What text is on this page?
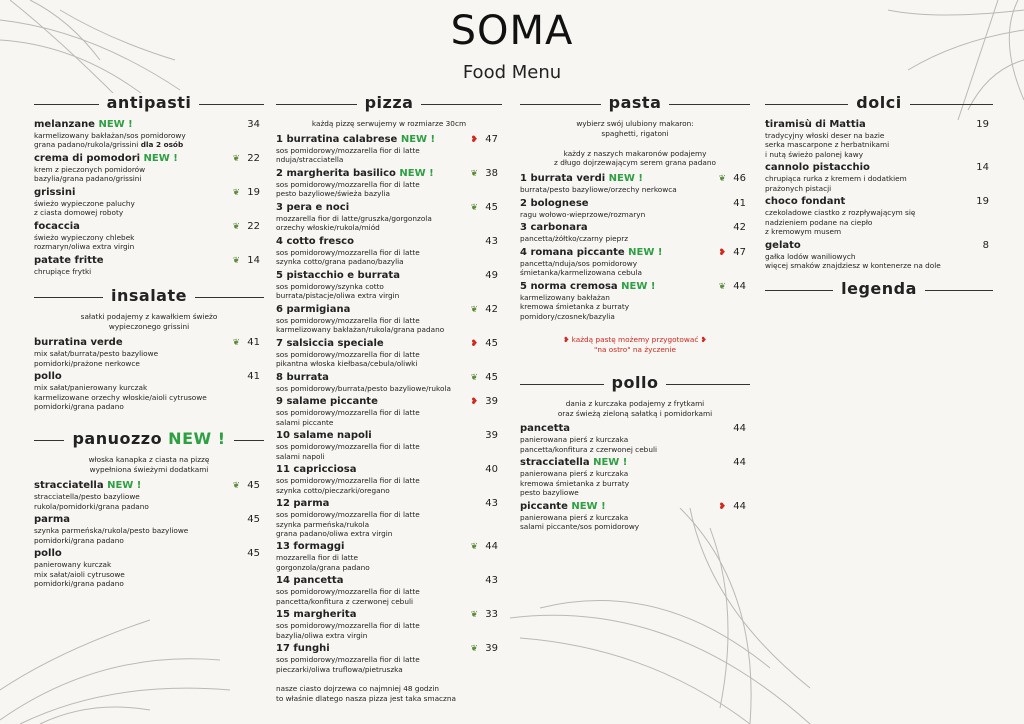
SOMA
Food Menu
antipasti
melanzane NEW !	34
karmelizowany bakłażan/sos pomidorowy
grana padano/rukola/grissini dla 2 osób
crema di pomodori NEW !	22
❦
krem z pieczonych pomidorów
bazylia/grana padano/grissini
grissini	19
❦
świeżo wypieczone paluchy
z ciasta domowej roboty
focaccia	22
❦
świeżo wypieczony chlebek
rozmaryn/oliwa extra virgin
patate fritte	14
❦
chrupiące frytki
insalate
sałatki podajemy z kawałkiem świeżo
wypieczonego grissini
burratina verde	41
❦
mix sałat/burrata/pesto bazyliowe
pomidorki/prażone nerkowce
pollo	41
mix sałat/panierowany kurczak
karmelizowane orzechy włoskie/aioli cytrusowe
pomidorki/grana padano
panuozzo NEW !
włoska kanapka z ciasta na pizzę
wypełniona świeżymi dodatkami
stracciatella NEW !	45
❦
stracciatella/pesto bazyliowe
rukola/pomidorki/grana padano
parma	45
szynka parmeńska/rukola/pesto bazyliowe
pomidorki/grana padano
pollo	45
panierowany kurczak
mix sałat/aioli cytrusowe
pomidorki/grana padano
pizza
każdą pizzę serwujemy w rozmiarze 30cm
1 burratina calabrese NEW !	47
❥
sos pomidorowy/mozzarella fior di latte
nduja/stracciatella
2 margherita basilico NEW !	38
❦
sos pomidorowy/mozzarella fior di latte
pesto bazyliowe/świeża bazylia
3 pera e noci	45
❦
mozzarella fior di latte/gruszka/gorgonzola
orzechy włoskie/rukola/miód
4 cotto fresco	43
sos pomidorowy/mozzarella fior di latte
szynka cotto/grana padano/bazylia
5 pistacchio e burrata	49
sos pomidorowy/szynka cotto
burrata/pistacje/oliwa extra virgin
6 parmigiana	42
❦
sos pomidorowy/mozzarella fior di latte
karmelizowany bakłażan/rukola/grana padano
7 salsiccia speciale	45
❥
sos pomidorowy/mozzarella fior di latte
pikantna włoska kiełbasa/cebula/oliwki
8 burrata	45
❦
sos pomidorowy/burrata/pesto bazyliowe/rukola
9 salame piccante	39
❥
sos pomidorowy/mozzarella fior di latte
salami piccante
10 salame napoli	39
sos pomidorowy/mozzarella fior di latte
salami napoli
11 capricciosa	40
sos pomidorowy/mozzarella fior di latte
szynka cotto/pieczarki/oregano
12 parma	43
sos pomidorowy/mozzarella fior di latte
szynka parmeńska/rukola
grana padano/oliwa extra virgin
13 formaggi	44
❦
mozzarella fior di latte
gorgonzola/grana padano
14 pancetta	43
sos pomidorowy/mozzarella fior di latte
pancetta/konfitura z czerwonej cebuli
15 margherita	33
❦
sos pomidorowy/mozzarella fior di latte
bazylia/oliwa extra virgin
17 funghi	39
❦
sos pomidorowy/mozzarella fior di latte
pieczarki/oliwa truflowa/pietruszka
nasze ciasto dojrzewa co najmniej 48 godzin
to właśnie dlatego nasza pizza jest taka smaczna
pasta
wybierz swój ulubiony makaron:
spaghetti, rigatoni

każdy z naszych makaronów podajemy
z długo dojrzewającym serem grana padano
1 burrata verdi NEW !	46
❦
burrata/pesto bazyliowe/orzechy nerkowca
2 bolognese	41
ragu wołowo-wieprzowe/rozmaryn
3 carbonara	42
pancetta/żółtko/czarny pieprz
4 romana piccante NEW !	47
❥
pancetta/nduja/sos pomidorowy
śmietanka/karmelizowana cebula
5 norma cremosa NEW !	44
❦
karmelizowany bakłażan
kremowa śmietanka z burraty
pomidory/czosnek/bazylia
❥ każdą pastę możemy przygotować ❥
"na ostro" na życzenie
pollo
dania z kurczaka podajemy z frytkami
oraz świeżą zieloną sałatką i pomidorkami
pancetta	44
panierowana pierś z kurczaka
pancetta/konfitura z czerwonej cebuli
stracciatella NEW !	44
panierowana pierś z kurczaka
kremowa śmietanka z burraty
pesto bazyliowe
piccante NEW !	44
❥
panierowana pierś z kurczaka
salami piccante/sos pomidorowy
dolci
tiramisù di Mattia	19
tradycyjny włoski deser na bazie
serka mascarpone z herbatnikami
i nutą świeżo palonej kawy
cannolo pistacchio	14
chrupiąca rurka z kremem i dodatkiem
prażonych pistacji
choco fondant	19
czekoladowe ciastko z rozpływającym się
nadzieniem podane na ciepło
z kremowym musem
gelato	8
gałka lodów waniliowych
więcej smaków znajdziesz w kontenerze na dole
legenda
